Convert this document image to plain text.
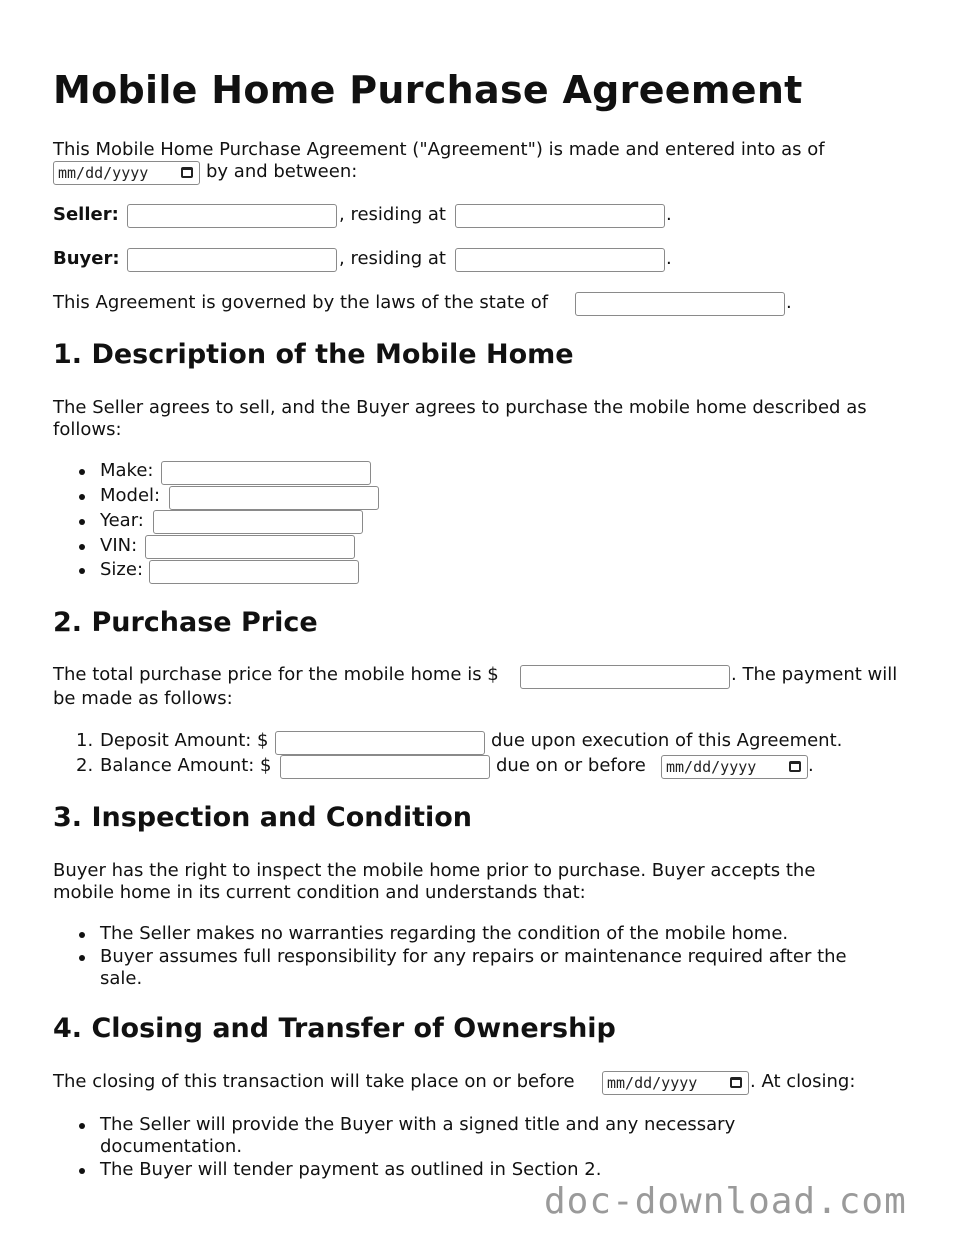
Mobile Home Purchase Agreement
This Mobile Home Purchase Agreement ("Agreement") is made and entered into as of
mm/dd/yyyy	by and between:
Seller:	, residing at	.
Buyer:	, residing at	.
This Agreement is governed by the laws of the state of	.
1. Description of the Mobile Home
The Seller agrees to sell, and the Buyer agrees to purchase the mobile home described as
follows:
Make:
Model:
Year:
VIN:
Size:
2. Purchase Price
The total purchase price for the mobile home is $	. The payment will
be made as follows:
1. Deposit Amount: $	due upon execution of this Agreement.
2. Balance Amount: $	due on or before	mm/dd/yyyy	.
3. Inspection and Condition
Buyer has the right to inspect the mobile home prior to purchase. Buyer accepts the
mobile home in its current condition and understands that:
The Seller makes no warranties regarding the condition of the mobile home.
Buyer assumes full responsibility for any repairs or maintenance required after the
sale.
4. Closing and Transfer of Ownership
The closing of this transaction will take place on or before	mm/dd/yyyy	. At closing:
The Seller will provide the Buyer with a signed title and any necessary
documentation.
The Buyer will tender payment as outlined in Section 2.
doc-download.com
